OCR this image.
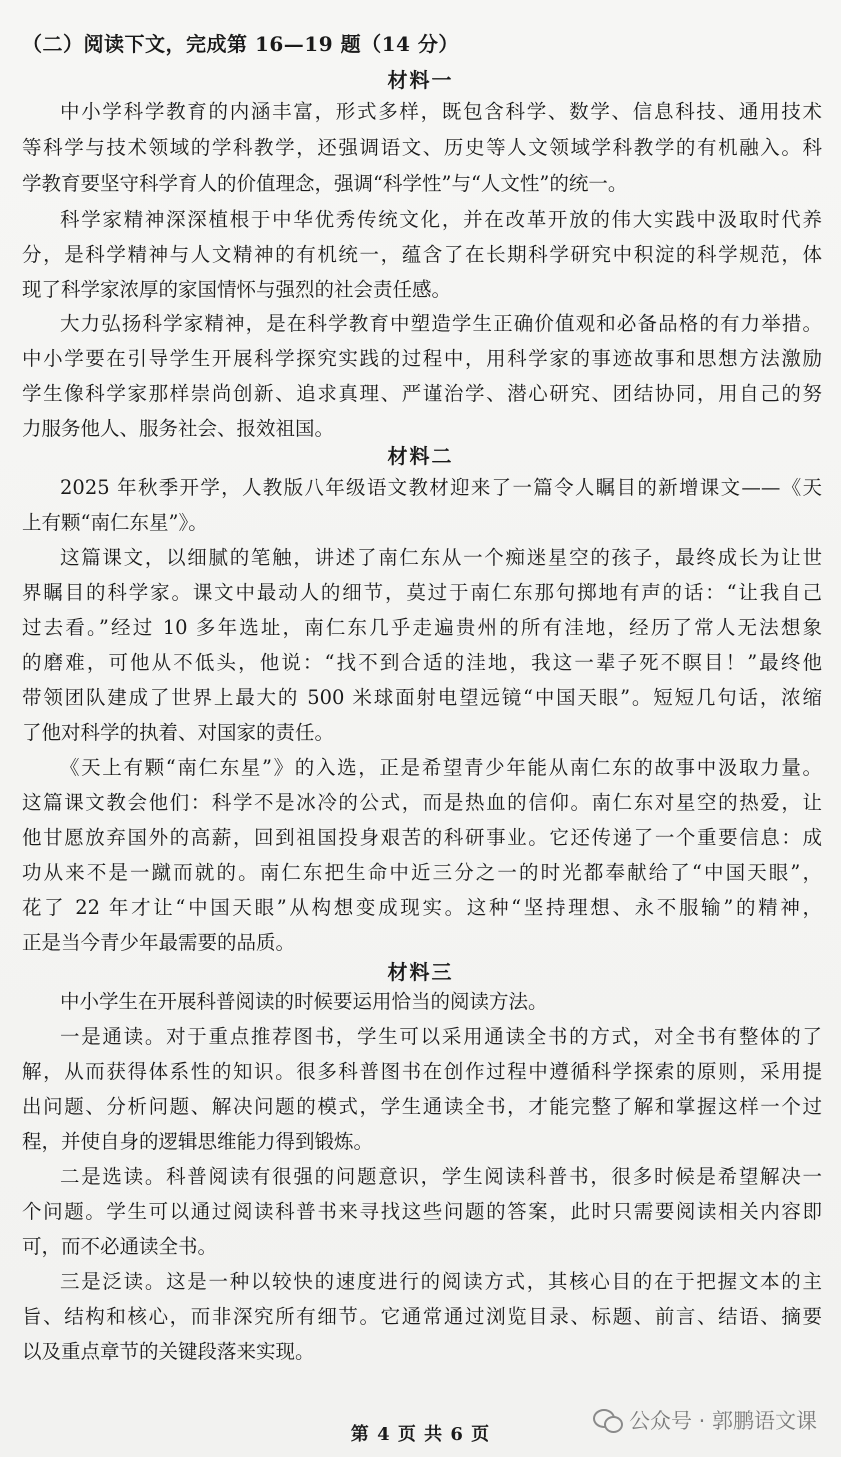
（二）阅读下文，完成第 16—19 题（14 分）
材料一
中小学科学教育的内涵丰富，形式多样，既包含科学、数学、信息科技、通用技术
等科学与技术领域的学科教学，还强调语文、历史等人文领域学科教学的有机融入。科
学教育要坚守科学育人的价值理念，强调“科学性”与“人文性”的统一。
科学家精神深深植根于中华优秀传统文化，并在改革开放的伟大实践中汲取时代养
分，是科学精神与人文精神的有机统一，蕴含了在长期科学研究中积淀的科学规范，体
现了科学家浓厚的家国情怀与强烈的社会责任感。
大力弘扬科学家精神，是在科学教育中塑造学生正确价值观和必备品格的有力举措。
中小学要在引导学生开展科学探究实践的过程中，用科学家的事迹故事和思想方法激励
学生像科学家那样崇尚创新、追求真理、严谨治学、潜心研究、团结协同，用自己的努
力服务他人、服务社会、报效祖国。
材料二
2025 年秋季开学，人教版八年级语文教材迎来了一篇令人瞩目的新增课文——《天
上有颗“南仁东星”》。
这篇课文，以细腻的笔触，讲述了南仁东从一个痴迷星空的孩子，最终成长为让世
界瞩目的科学家。课文中最动人的细节，莫过于南仁东那句掷地有声的话：“让我自己
过去看。”经过 10 多年选址，南仁东几乎走遍贵州的所有洼地，经历了常人无法想象
的磨难，可他从不低头，他说：“找不到合适的洼地，我这一辈子死不瞑目！”最终他
带领团队建成了世界上最大的 500 米球面射电望远镜“中国天眼”。短短几句话，浓缩
了他对科学的执着、对国家的责任。
《天上有颗“南仁东星”》的入选，正是希望青少年能从南仁东的故事中汲取力量。
这篇课文教会他们：科学不是冰冷的公式，而是热血的信仰。南仁东对星空的热爱，让
他甘愿放弃国外的高薪，回到祖国投身艰苦的科研事业。它还传递了一个重要信息：成
功从来不是一蹴而就的。南仁东把生命中近三分之一的时光都奉献给了“中国天眼”，
花了 22 年才让“中国天眼”从构想变成现实。这种“坚持理想、永不服输”的精神，
正是当今青少年最需要的品质。
材料三
中小学生在开展科普阅读的时候要运用恰当的阅读方法。
一是通读。对于重点推荐图书，学生可以采用通读全书的方式，对全书有整体的了
解，从而获得体系性的知识。很多科普图书在创作过程中遵循科学探索的原则，采用提
出问题、分析问题、解决问题的模式，学生通读全书，才能完整了解和掌握这样一个过
程，并使自身的逻辑思维能力得到锻炼。
二是选读。科普阅读有很强的问题意识，学生阅读科普书，很多时候是希望解决一
个问题。学生可以通过阅读科普书来寻找这些问题的答案，此时只需要阅读相关内容即
可，而不必通读全书。
三是泛读。这是一种以较快的速度进行的阅读方式，其核心目的在于把握文本的主
旨、结构和核心，而非深究所有细节。它通常通过浏览目录、标题、前言、结语、摘要
以及重点章节的关键段落来实现。
公众号 · 郭鹏语文课
第 4 页 共 6 页
